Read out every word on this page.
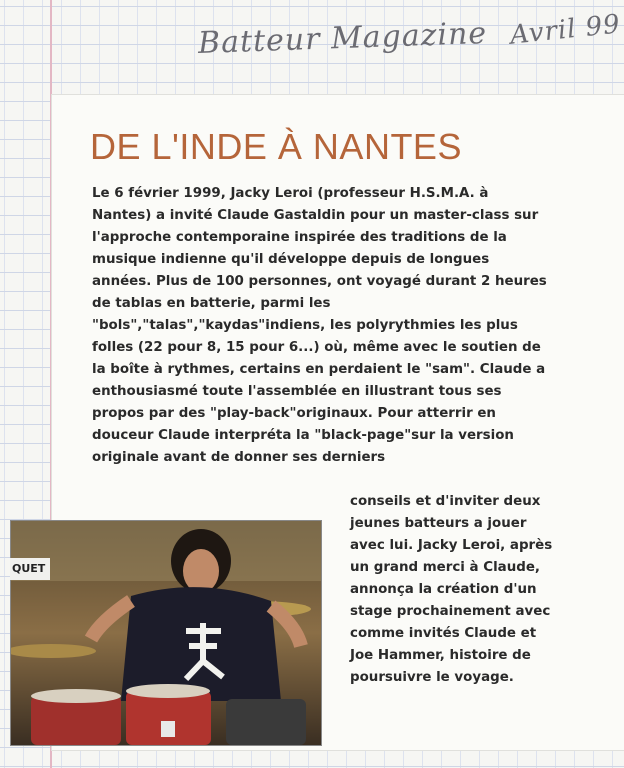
Batteur Magazine Avril 99
DE L'INDE À NANTES

Le 6 février 1999, Jacky Leroi (professeur H.S.M.A. à Nantes) a invité Claude Gastaldin pour un master-class sur l'approche contemporaine inspirée des traditions de la musique indienne qu'il développe depuis de longues années. Plus de 100 personnes, ont voyagé durant 2 heures de tablas en batterie, parmi les "bols","talas","kaydas"indiens, les polyrythmies les plus folles (22 pour 8, 15 pour 6...) où, même avec le soutien de la boîte à rythmes, certains en perdaient le "sam". Claude a enthousiasmé toute l'assemblée en illustrant tous ses propos par des "play-back"originaux. Pour atterrir en douceur Claude interpréta la "black-page"sur la version originale avant de donner ses derniers

conseils et d'inviter deux jeunes batteurs a jouer avec lui. Jacky Leroi, après un grand merci à Claude, annonça la création d'un stage prochainement avec comme invités Claude et Joe Hammer, histoire de poursuivre le voyage.

QUET
